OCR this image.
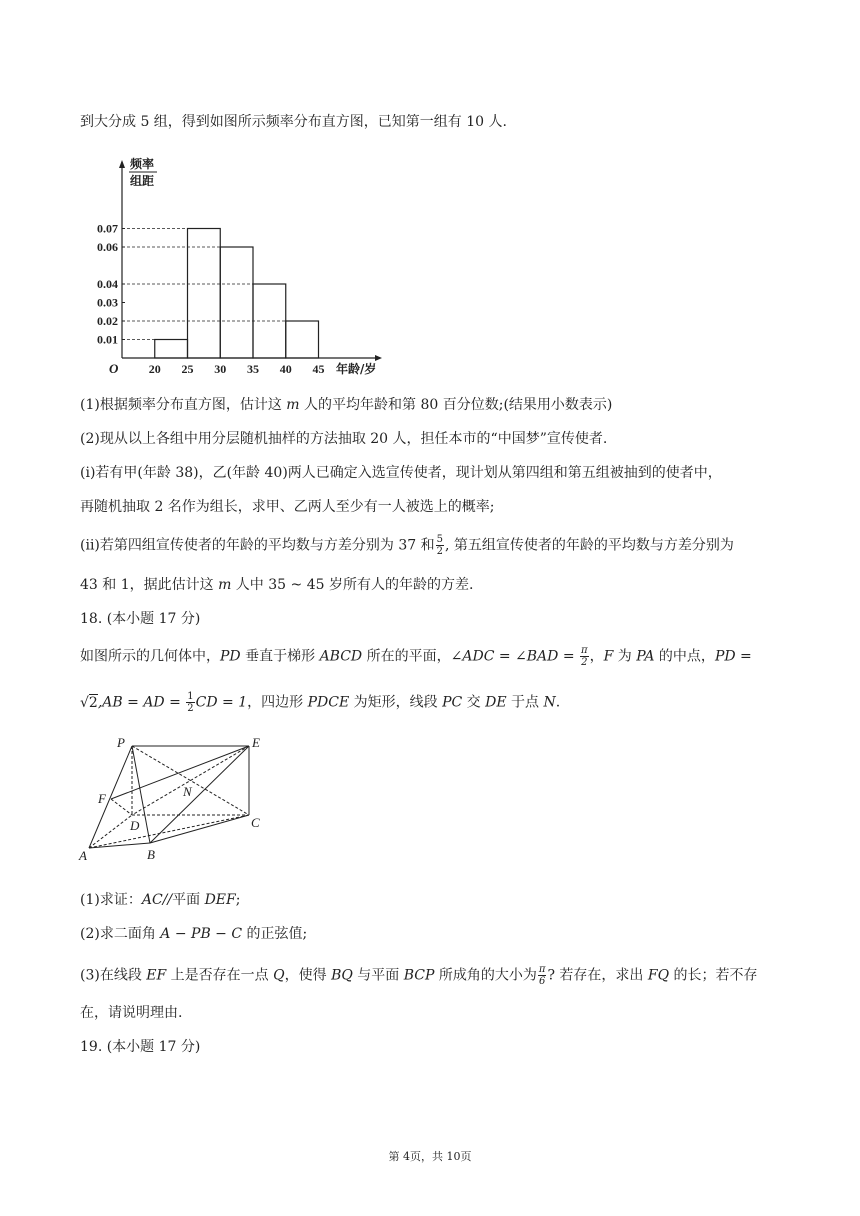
到大分成 5 组，得到如图所示频率分布直方图，已知第一组有 10 人.
0.01
0.02
0.03
0.04
0.06
0.07
20 25 30 35 40 45
O	年龄/岁
频率
组距
(1)根据频率分布直方图，估计这 m 人的平均年龄和第 80 百分位数;(结果用小数表示)
(2)现从以上各组中用分层随机抽样的方法抽取 20 人，担任本市的“中国梦”宣传使者.
(ⅰ)若有甲(年龄 38)，乙(年龄 40)两人已确定入选宣传使者，现计划从第四组和第五组被抽到的使者中，
再随机抽取 2 名作为组长，求甲、乙两人至少有一人被选上的概率;
(ⅱ)若第四组宣传使者的年龄的平均数与方差分别为 37 和 $\frac{5}{2}$ , 第五组宣传使者的年龄的平均数与方差分别为
43 和 1，据此估计这 m 人中 35 ~ 45 岁所有人的年龄的方差.
18. (本小题 17 分)
如图所示的几何体中，PD 垂直于梯形 ABCD 所在的平面，∠ADC = ∠BAD = $\frac{\pi}{2}$ ，F 为 PA 的中点，PD =
√2,AB = AD = $\frac{1}{2}$ CD = 1，四边形 PDCE 为矩形，线段 PC 交 DE 于点 N.
P	E
F	N
D	C
A	B
(1)求证：AC//平面 DEF;
(2)求二面角 A − PB − C 的正弦值;
(3)在线段 EF 上是否存在一点 Q，使得 BQ 与平面 BCP 所成角的大小为 $\frac{\pi}{6}$ ? 若存在，求出 FQ 的长；若不存
在，请说明理由.
19. (本小题 17 分)
第 4页，共 10页
